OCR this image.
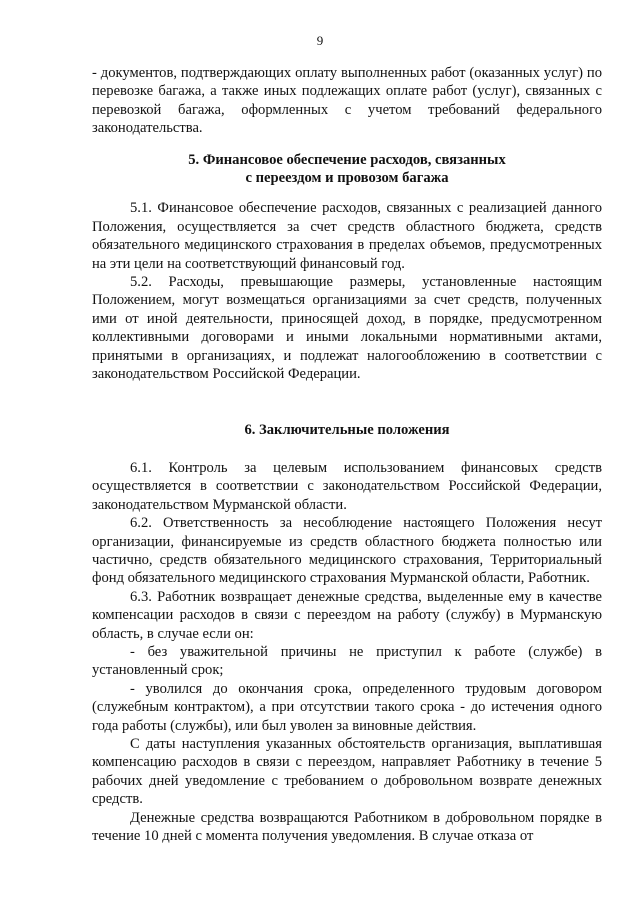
9

- документов, подтверждающих оплату выполненных работ (оказанных услуг) по перевозке багажа, а также иных подлежащих оплате работ (услуг), связанных с перевозкой багажа, оформленных с учетом требований федерального законодательства.

5. Финансовое обеспечение расходов, связанных
с переездом и провозом багажа

5.1. Финансовое обеспечение расходов, связанных с реализацией данного Положения, осуществляется за счет средств областного бюджета, средств обязательного медицинского страхования в пределах объемов, предусмотренных на эти цели на соответствующий финансовый год.

5.2. Расходы, превышающие размеры, установленные настоящим Положением, могут возмещаться организациями за счет средств, полученных ими от иной деятельности, приносящей доход, в порядке, предусмотренном коллективными договорами и иными локальными нормативными актами, принятыми в организациях, и подлежат налогообложению в соответствии с законодательством Российской Федерации.

6. Заключительные положения

6.1. Контроль за целевым использованием финансовых средств осуществляется в соответствии с законодательством Российской Федерации, законодательством Мурманской области.

6.2. Ответственность за несоблюдение настоящего Положения несут организации, финансируемые из средств областного бюджета полностью или частично, средств обязательного медицинского страхования, Территориальный фонд обязательного медицинского страхования Мурманской области, Работник.

6.3. Работник возвращает денежные средства, выделенные ему в качестве компенсации расходов в связи с переездом на работу (службу) в Мурманскую область, в случае если он:

- без уважительной причины не приступил к работе (службе) в установленный срок;

- уволился до окончания срока, определенного трудовым договором (служебным контрактом), а при отсутствии такого срока - до истечения одного года работы (службы), или был уволен за виновные действия.

С даты наступления указанных обстоятельств организация, выплатившая компенсацию расходов в связи с переездом, направляет Работнику в течение 5 рабочих дней уведомление с требованием о добровольном возврате денежных средств.

Денежные средства возвращаются Работником в добровольном порядке в течение 10 дней с момента получения уведомления. В случае отказа от
